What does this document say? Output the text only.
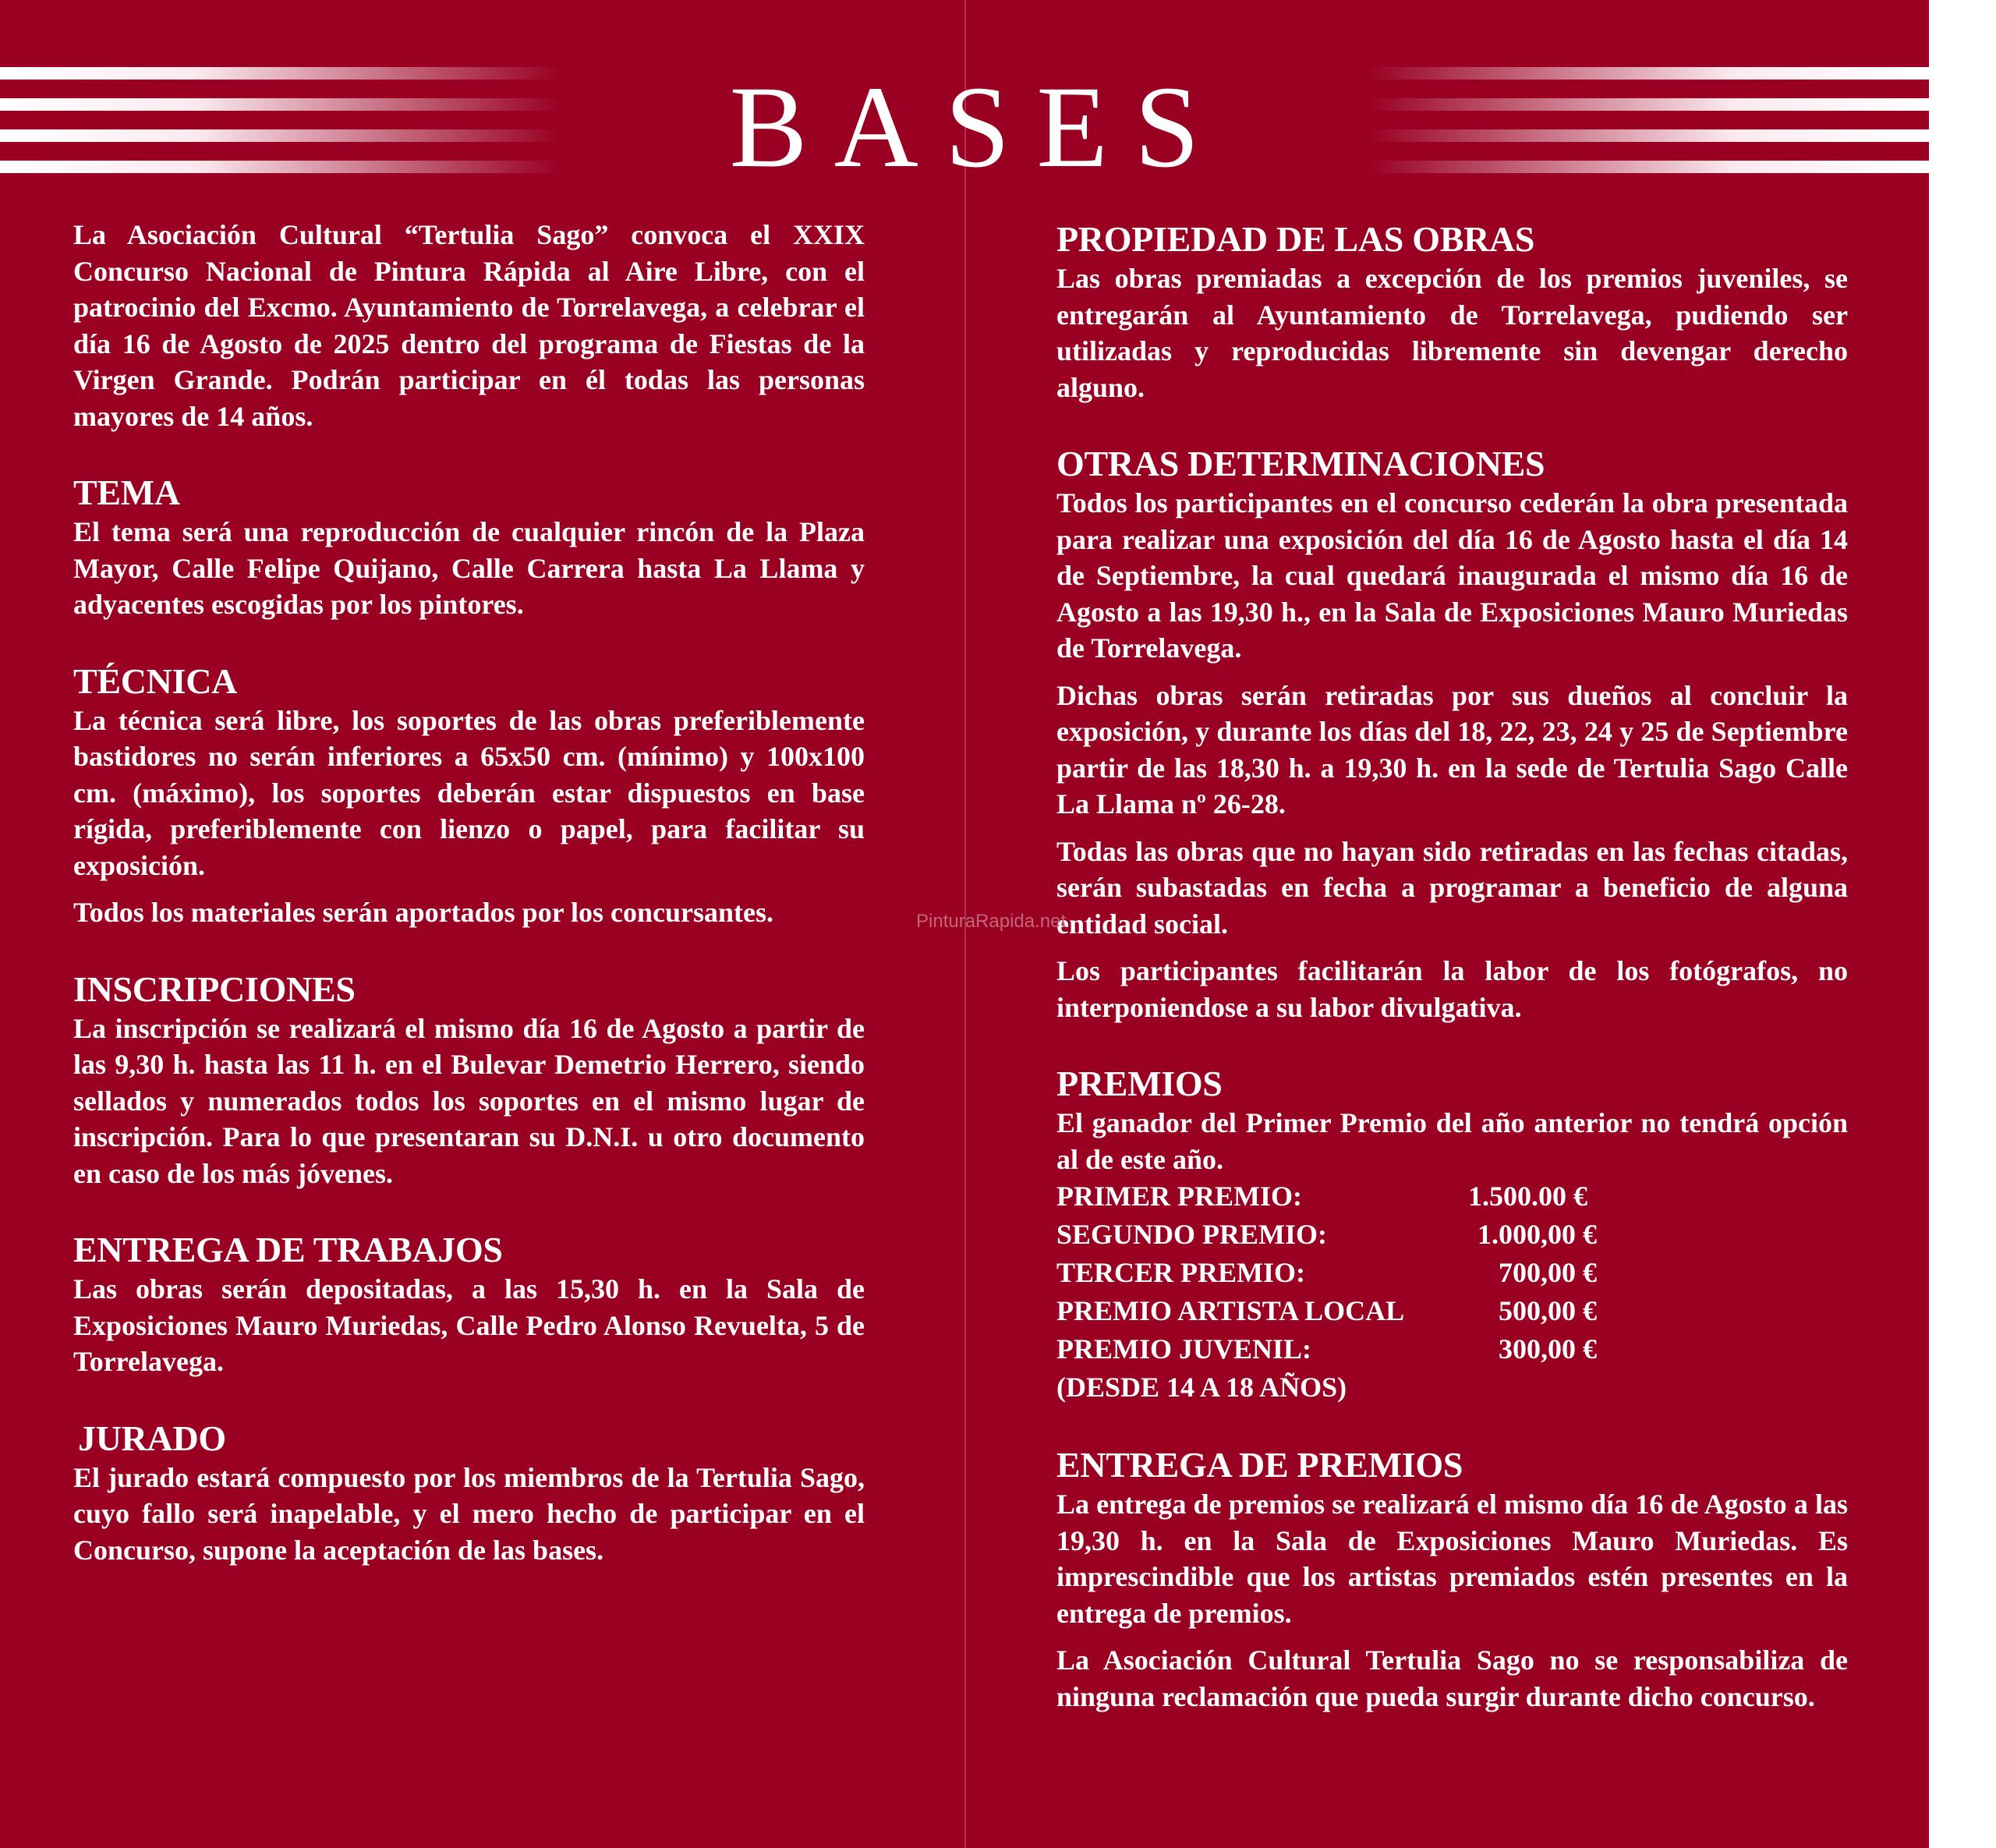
BASES

La Asociación Cultural “Tertulia Sago” convoca el XXIX Concurso Nacional de Pintura Rápida al Aire Libre, con el patrocinio del Excmo. Ayuntamiento de Torrelavega, a celebrar el día 16 de Agosto de 2025 dentro del programa de Fiestas de la Virgen Grande. Podrán participar en él todas las personas mayores de 14 años.

TEMA

El tema será una reproducción de cualquier rincón de la Plaza Mayor, Calle Felipe Quijano, Calle Carrera hasta La Llama y adyacentes escogidas por los pintores.

TÉCNICA

La técnica será libre, los soportes de las obras preferiblemente bastidores no serán inferiores a 65x50 cm. (mínimo) y 100x100 cm. (máximo), los soportes deberán estar dispuestos en base rígida, preferiblemente con lienzo o papel, para facilitar su exposición.

Todos los materiales serán aportados por los concursantes.

INSCRIPCIONES

La inscripción se realizará el mismo día 16 de Agosto a partir de las 9,30 h. hasta las 11 h. en el Bulevar Demetrio Herrero, siendo sellados y numerados todos los soportes en el mismo lugar de inscripción. Para lo que presentaran su D.N.I. u otro documento en caso de los más jóvenes.

ENTREGA DE TRABAJOS

Las obras serán depositadas, a las 15,30 h. en la Sala de Exposiciones Mauro Muriedas, Calle Pedro Alonso Revuelta, 5 de Torrelavega.

JURADO

El jurado estará compuesto por los miembros de la Tertulia Sago, cuyo fallo será inapelable, y el mero hecho de participar en el Concurso, supone la aceptación de las bases.

PROPIEDAD DE LAS OBRAS

Las obras premiadas a excepción de los premios juveniles, se entregarán al Ayuntamiento de Torrelavega, pudiendo ser utilizadas y reproducidas libremente sin devengar derecho alguno.

OTRAS DETERMINACIONES

Todos los participantes en el concurso cederán la obra presentada para realizar una exposición del día 16 de Agosto hasta el día 14 de Septiembre, la cual quedará inaugurada el mismo día 16 de Agosto a las 19,30 h., en la Sala de Exposiciones Mauro Muriedas de Torrelavega.

Dichas obras serán retiradas por sus dueños al concluir la exposición, y durante los días del 18, 22, 23, 24 y 25 de Septiembre partir de las 18,30 h. a 19,30 h. en la sede de Tertulia Sago Calle La Llama nº 26-28.

Todas las obras que no hayan sido retiradas en las fechas citadas, serán subastadas en fecha a programar a beneficio de alguna entidad social.

Los participantes facilitarán la labor de los fotógrafos, no interponiendose a su labor divulgativa.

PREMIOS

El ganador del Primer Premio del año anterior no tendrá opción al de este año.

PRIMER PREMIO:	1.500.00 €
SEGUNDO PREMIO:	1.000,00 €
TERCER PREMIO:	700,00 €
PREMIO ARTISTA LOCAL	500,00 €
PREMIO JUVENIL:	300,00 €
(DESDE 14 A 18 AÑOS)
ENTREGA DE PREMIOS

La entrega de premios se realizará el mismo día 16 de Agosto a las 19,30 h. en la Sala de Exposiciones Mauro Muriedas. Es imprescindible que los artistas premiados estén presentes en la entrega de premios.

La Asociación Cultural Tertulia Sago no se responsabiliza de ninguna reclamación que pueda surgir durante dicho concurso.

PinturaRapida.net
